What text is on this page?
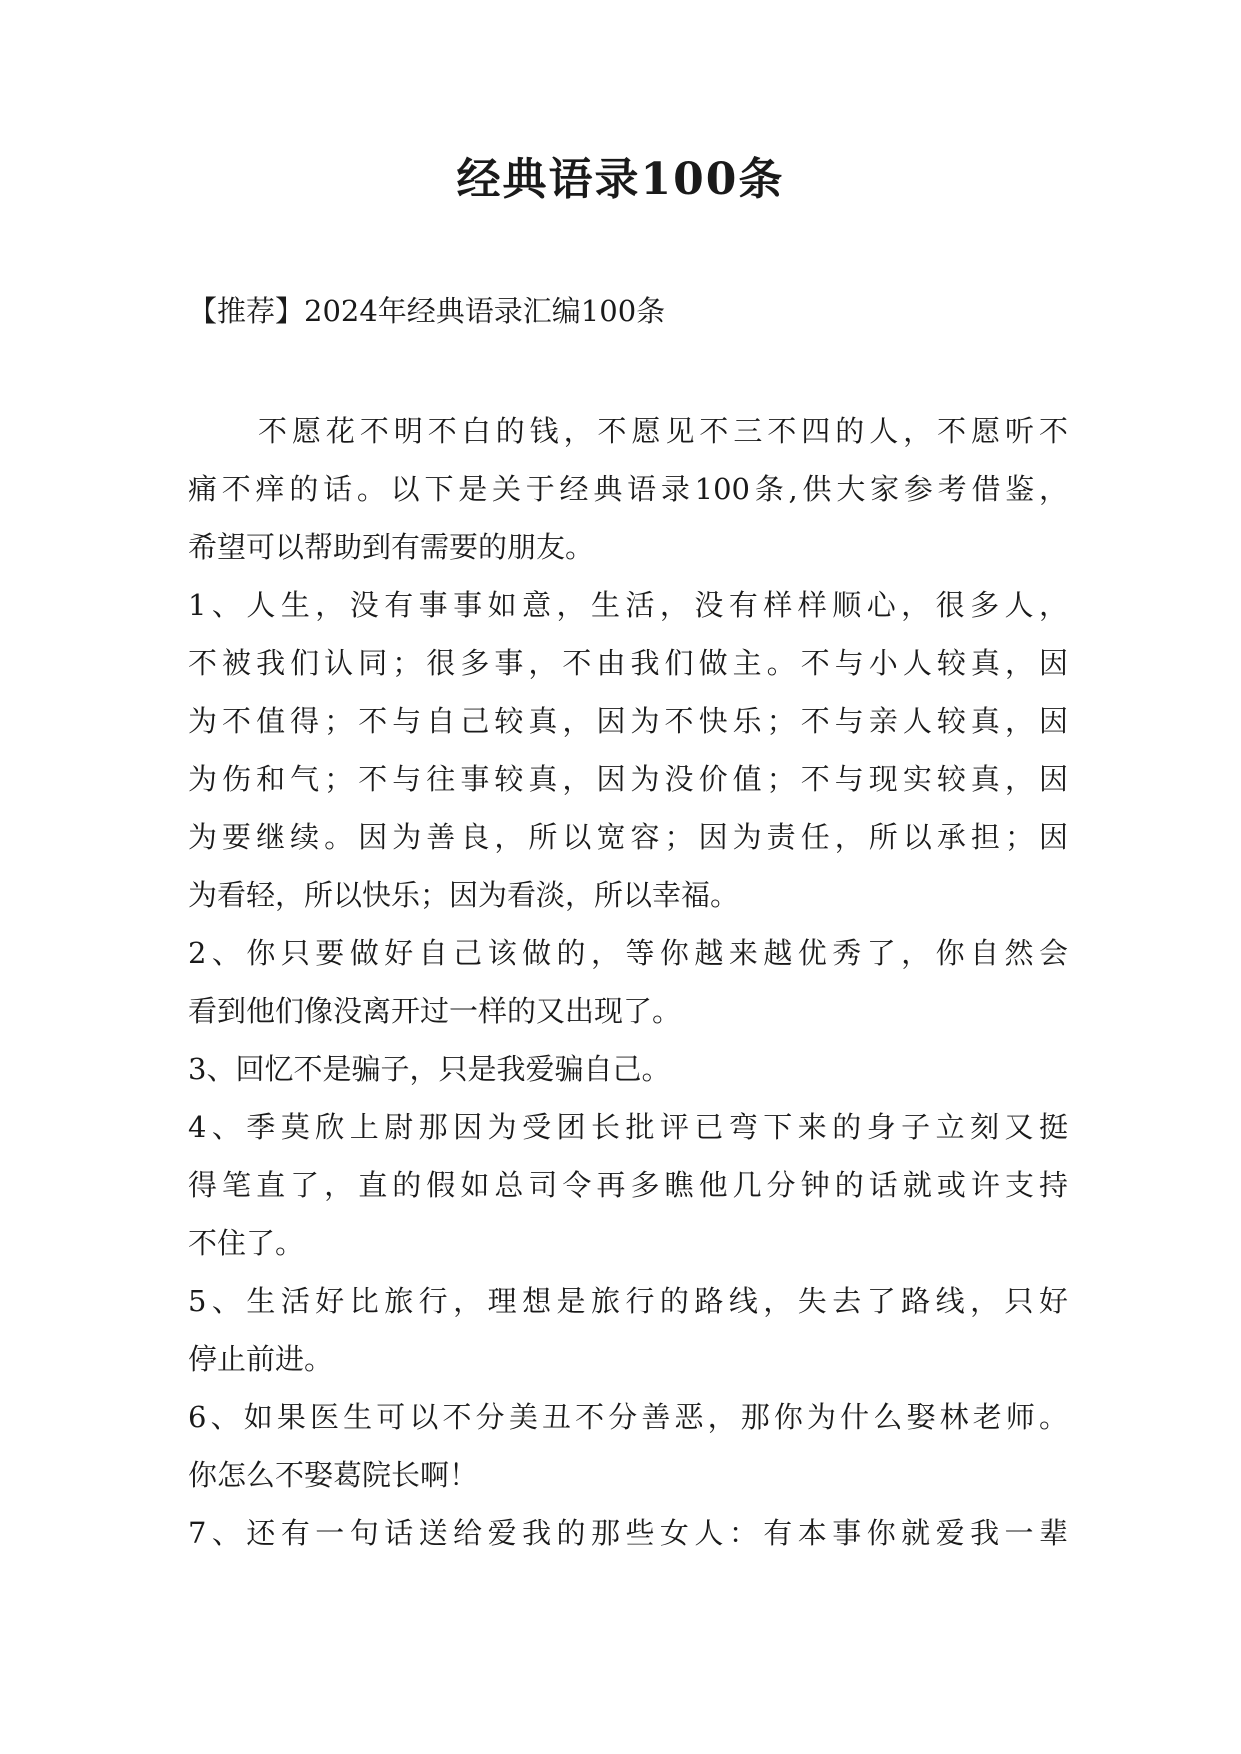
经典语录100条
【推荐】2024年经典语录汇编100条
不愿花不明不白的钱，不愿见不三不四的人，不愿听不
痛不痒的话。以下是关于经典语录100条,供大家参考借鉴，
希望可以帮助到有需要的朋友。
1、人生，没有事事如意，生活，没有样样顺心，很多人，
不被我们认同；很多事，不由我们做主。不与小人较真，因
为不值得；不与自己较真，因为不快乐；不与亲人较真，因
为伤和气；不与往事较真，因为没价值；不与现实较真，因
为要继续。因为善良，所以宽容；因为责任，所以承担；因
为看轻，所以快乐；因为看淡，所以幸福。
2、你只要做好自己该做的，等你越来越优秀了，你自然会
看到他们像没离开过一样的又出现了。
3、回忆不是骗子，只是我爱骗自己。
4、季莫欣上尉那因为受团长批评已弯下来的身子立刻又挺
得笔直了，直的假如总司令再多瞧他几分钟的话就或许支持
不住了。
5、生活好比旅行，理想是旅行的路线，失去了路线，只好
停止前进。
6、如果医生可以不分美丑不分善恶，那你为什么娶林老师。
你怎么不娶葛院长啊！
7、还有一句话送给爱我的那些女人：有本事你就爱我一辈
